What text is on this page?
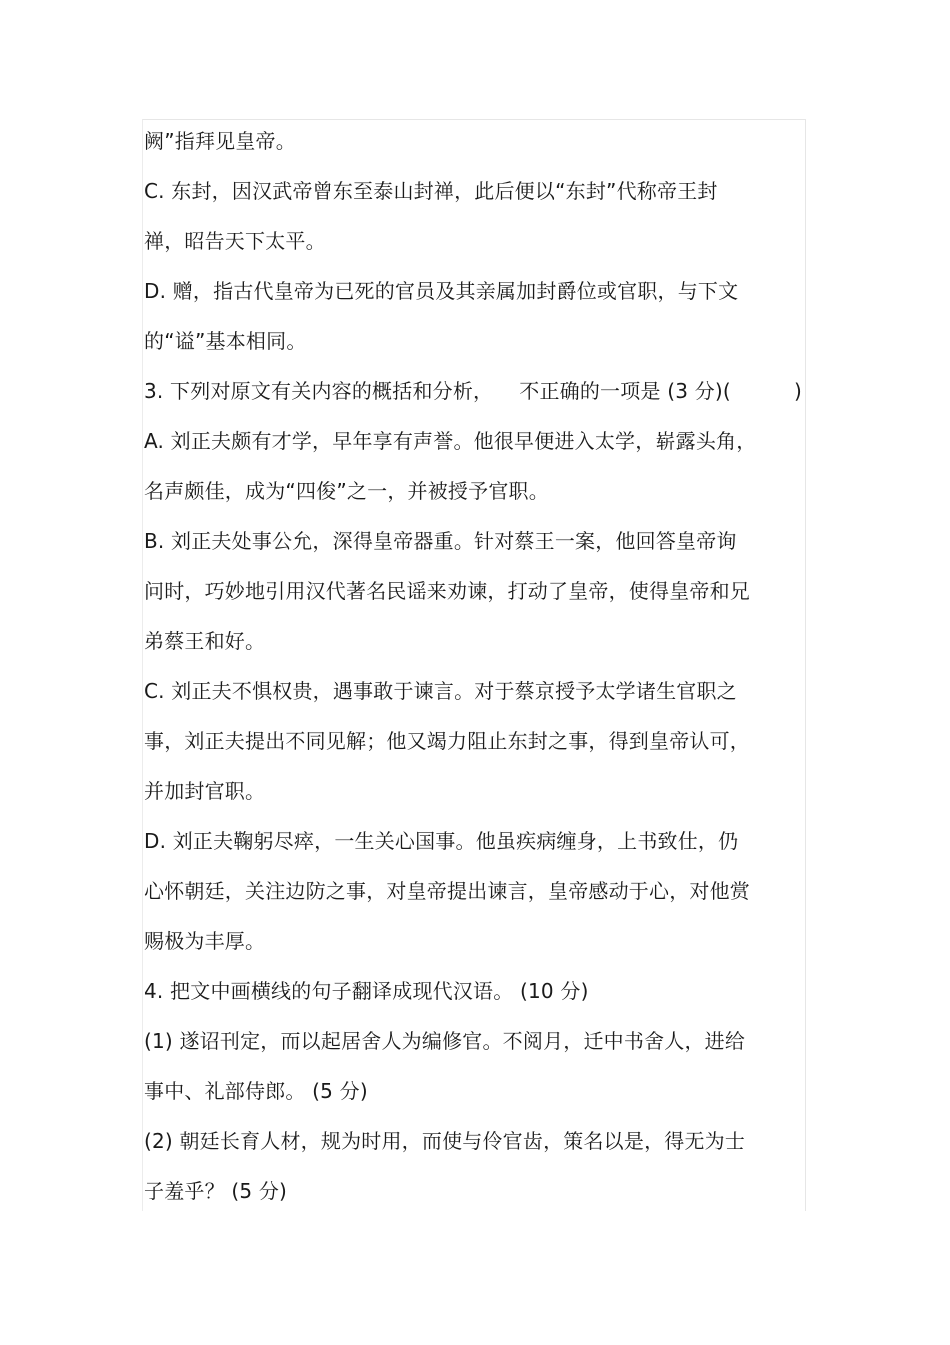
阙”指拜见皇帝。
C. 东封，因汉武帝曾东至泰山封禅，此后便以“东封”代称帝王封
禅，昭告天下太平。
D. 赠，指古代皇帝为已死的官员及其亲属加封爵位或官职，与下文
的“谥”基本相同。
3. 下列对原文有关内容的概括和分析， 不正确的一项是 (3 分)(	)
A. 刘正夫颇有才学，早年享有声誉。他很早便进入太学，崭露头角，
名声颇佳，成为“四俊”之一，并被授予官职。
B. 刘正夫处事公允，深得皇帝器重。针对蔡王一案，他回答皇帝询
问时，巧妙地引用汉代著名民谣来劝谏，打动了皇帝，使得皇帝和兄
弟蔡王和好。
C. 刘正夫不惧权贵，遇事敢于谏言。对于蔡京授予太学诸生官职之
事，刘正夫提出不同见解；他又竭力阻止东封之事，得到皇帝认可，
并加封官职。
D. 刘正夫鞠躬尽瘁，一生关心国事。他虽疾病缠身，上书致仕，仍
心怀朝廷，关注边防之事，对皇帝提出谏言，皇帝感动于心，对他赏
赐极为丰厚。
4. 把文中画横线的句子翻译成现代汉语。 (10 分)
(1) 遂诏刊定，而以起居舍人为编修官。不阅月，迁中书舍人，进给
事中、礼部侍郎。 (5 分)
(2) 朝廷长育人材，规为时用，而使与伶官齿，策名以是，得无为士
子羞乎？ (5 分)
